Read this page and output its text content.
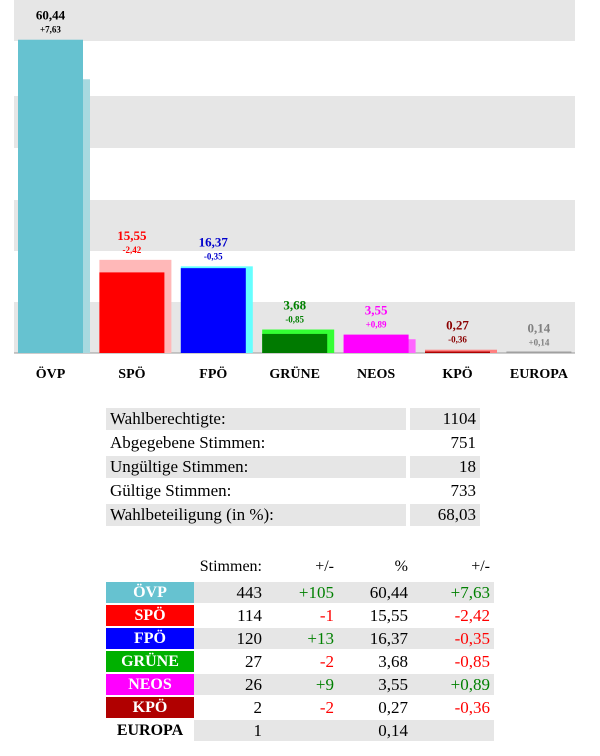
60,44
+7,63
ÖVP
15,55
-2,42
SPÖ
16,37
-0,35
FPÖ
3,68
-0,85
GRÜNE
3,55
+0,89
NEOS
0,27
-0,36
KPÖ
0,14
+0,14
EUROPA
Wahlberechtigte:		1104
Abgegebene Stimmen:		751
Ungültige Stimmen:		18
Gültige Stimmen:		733
Wahlbeteiligung (in %):		68,03
	Stimmen:	+/-	%	+/-
ÖVP	443	+105	60,44	+7,63
SPÖ	114	-1	15,55	-2,42
FPÖ	120	+13	16,37	-0,35
GRÜNE	27	-2	3,68	-0,85
NEOS	26	+9	3,55	+0,89
KPÖ	2	-2	0,27	-0,36
EUROPA	1		0,14	
